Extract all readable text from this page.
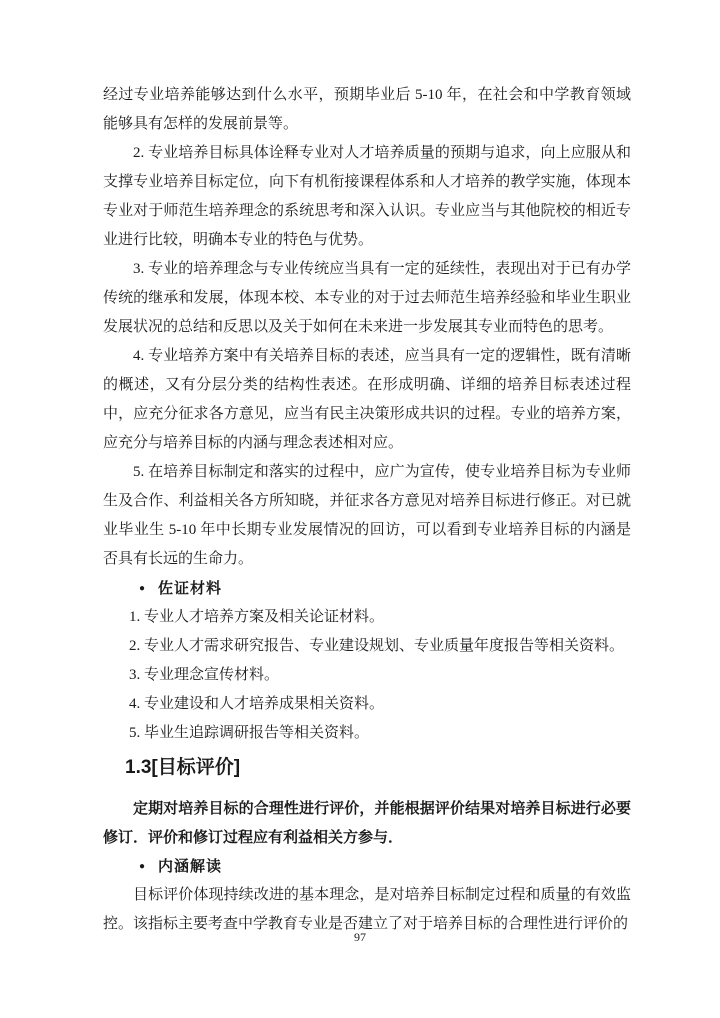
经过专业培养能够达到什么水平，预期毕业后 5-10 年，在社会和中学教育领域能够具有怎样的发展前景等。

2. 专业培养目标具体诠释专业对人才培养质量的预期与追求，向上应服从和支撑专业培养目标定位，向下有机衔接课程体系和人才培养的教学实施，体现本专业对于师范生培养理念的系统思考和深入认识。专业应当与其他院校的相近专业进行比较，明确本专业的特色与优势。

3. 专业的培养理念与专业传统应当具有一定的延续性，表现出对于已有办学传统的继承和发展，体现本校、本专业的对于过去师范生培养经验和毕业生职业发展状况的总结和反思以及关于如何在未来进一步发展其专业而特色的思考。

4. 专业培养方案中有关培养目标的表述，应当具有一定的逻辑性，既有清晰的概述，又有分层分类的结构性表述。在形成明确、详细的培养目标表述过程中，应充分征求各方意见，应当有民主决策形成共识的过程。专业的培养方案，应充分与培养目标的内涵与理念表述相对应。

5. 在培养目标制定和落实的过程中，应广为宣传，使专业培养目标为专业师生及合作、利益相关各方所知晓，并征求各方意见对培养目标进行修正。对已就业毕业生 5-10 年中长期专业发展情况的回访，可以看到专业培养目标的内涵是否具有长远的生命力。

● 佐证材料

1. 专业人才培养方案及相关论证材料。

2. 专业人才需求研究报告、专业建设规划、专业质量年度报告等相关资料。

3. 专业理念宣传材料。

4. 专业建设和人才培养成果相关资料。

5. 毕业生追踪调研报告等相关资料。

1.3[目标评价]

定期对培养目标的合理性进行评价，并能根据评价结果对培养目标进行必要修订．评价和修订过程应有利益相关方参与．

● 内涵解读

目标评价体现持续改进的基本理念，是对培养目标制定过程和质量的有效监控。该指标主要考查中学教育专业是否建立了对于培养目标的合理性进行评价的

97
